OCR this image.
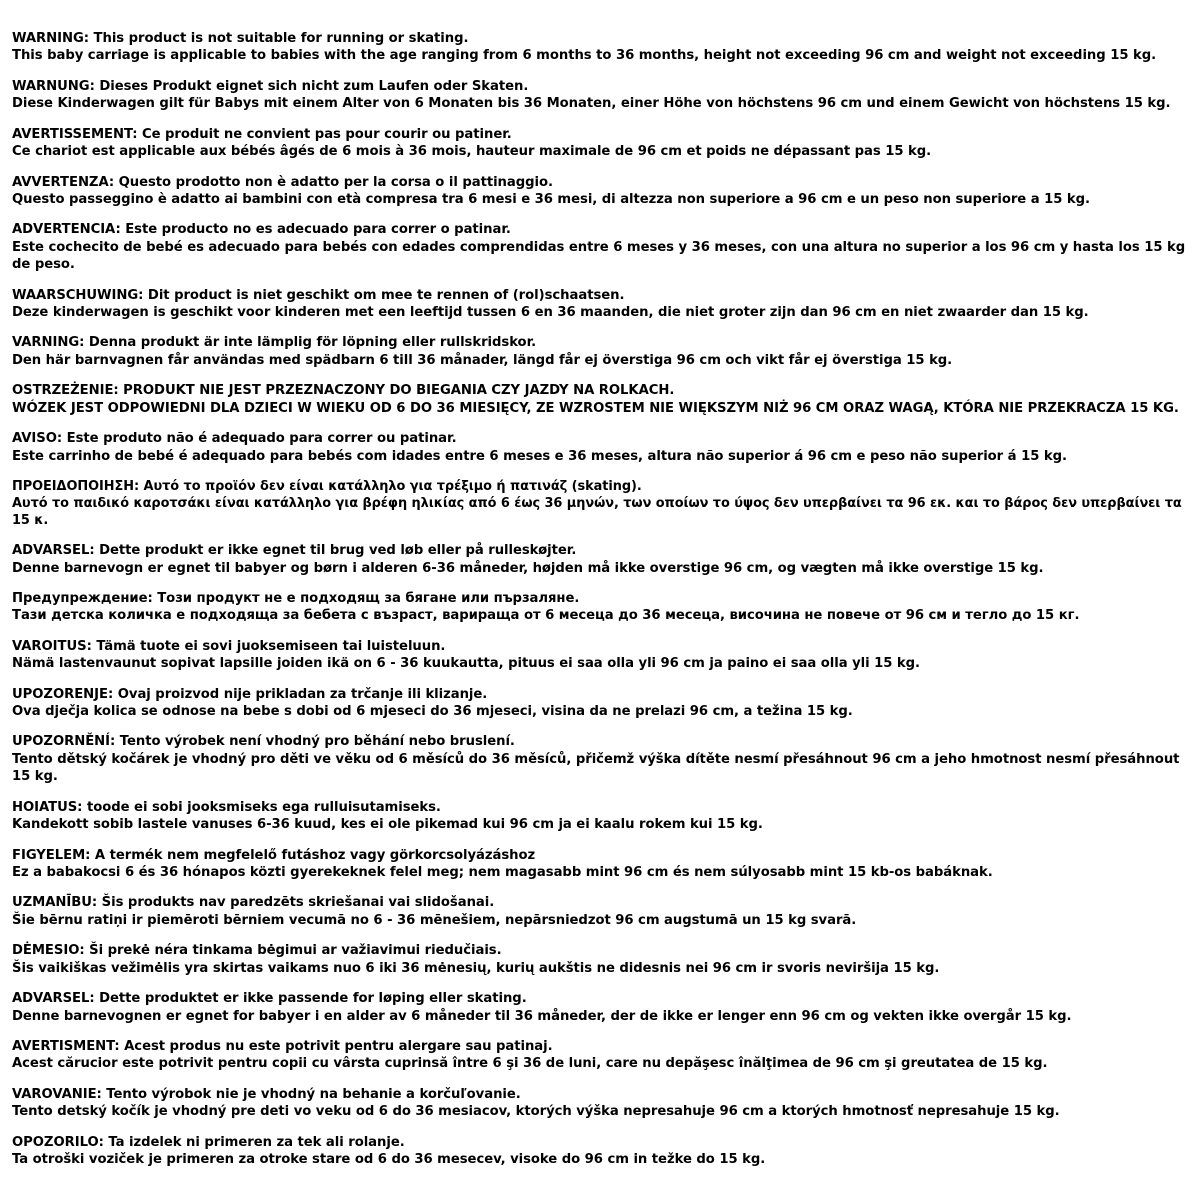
WARNING: This product is not suitable for running or skating.
This baby carriage is applicable to babies with the age ranging from 6 months to 36 months, height not exceeding 96 cm and weight not exceeding 15 kg.
WARNUNG: Dieses Produkt eignet sich nicht zum Laufen oder Skaten.
Diese Kinderwagen gilt für Babys mit einem Alter von 6 Monaten bis 36 Monaten, einer Höhe von höchstens 96 cm und einem Gewicht von höchstens 15 kg.
AVERTISSEMENT: Ce produit ne convient pas pour courir ou patiner.
Ce chariot est applicable aux bébés âgés de 6 mois à 36 mois, hauteur maximale de 96 cm et poids ne dépassant pas 15 kg.
AVVERTENZA: Questo prodotto non è adatto per la corsa o il pattinaggio.
Questo passeggino è adatto ai bambini con età compresa tra 6 mesi e 36 mesi, di altezza non superiore a 96 cm e un peso non superiore a 15 kg.
ADVERTENCIA: Este producto no es adecuado para correr o patinar.
Este cochecito de bebé es adecuado para bebés con edades comprendidas entre 6 meses y 36 meses, con una altura no superior a los 96 cm y hasta los 15 kg de peso.
WAARSCHUWING: Dit product is niet geschikt om mee te rennen of (rol)schaatsen.
Deze kinderwagen is geschikt voor kinderen met een leeftijd tussen 6 en 36 maanden, die niet groter zijn dan 96 cm en niet zwaarder dan 15 kg.
VARNING: Denna produkt är inte lämplig för löpning eller rullskridskor.
Den här barnvagnen får användas med spädbarn 6 till 36 månader, längd får ej överstiga 96 cm och vikt får ej överstiga 15 kg.
OSTRZEŻENIE: PRODUKT NIE JEST PRZEZNACZONY DO BIEGANIA CZY JAZDY NA ROLKACH.
WÓZEK JEST ODPOWIEDNI DLA DZIECI W WIEKU OD 6 DO 36 MIESIĘCY, ZE WZROSTEM NIE WIĘKSZYM NIŻ 96 CM ORAZ WAGĄ, KTÓRA NIE PRZEKRACZA 15 KG.
AVISO: Este produto não é adequado para correr ou patinar.
Este carrinho de bebé é adequado para bebés com idades entre 6 meses e 36 meses, altura não superior á 96 cm e peso não superior á 15 kg.
ΠΡΟΕΙΔΟΠΟΙΗΣΗ: Αυτό το προϊόν δεν είναι κατάλληλο για τρέξιμο ή πατινάζ (skating).
Αυτό το παιδικό καροτσάκι είναι κατάλληλο για βρέφη ηλικίας από 6 έως 36 μηνών, των οποίων το ύψος δεν υπερβαίνει τα 96 εκ. και το βάρος δεν υπερβαίνει τα 15 κ.
ADVARSEL: Dette produkt er ikke egnet til brug ved løb eller på rulleskøjter.
Denne barnevogn er egnet til babyer og børn i alderen 6-36 måneder, højden må ikke overstige 96 cm, og vægten må ikke overstige 15 kg.
Предупреждение: Този продукт не е подходящ за бягане или пързаляне.
Тази детска количка е подходяща за бебета с възраст, вариращa от 6 месеца до 36 месеца, височина не повече от 96 см и тегло до 15 кг.
VAROITUS: Tämä tuote ei sovi juoksemiseen tai luisteluun.
Nämä lastenvaunut sopivat lapsille joiden ikä on 6 - 36 kuukautta, pituus ei saa olla yli 96 cm ja paino ei saa olla yli 15 kg.
UPOZORENJE: Ovaj proizvod nije prikladan za trčanje ili klizanje.
Ova dječja kolica se odnose na bebe s dobi od 6 mjeseci do 36 mjeseci, visina da ne prelazi 96 cm, a težina 15 kg.
UPOZORNĚNÍ: Tento výrobek není vhodný pro běhání nebo bruslení.
Tento dětský kočárek je vhodný pro děti ve věku od 6 měsíců do 36 měsíců, přičemž výška dítěte nesmí přesáhnout 96 cm a jeho hmotnost nesmí přesáhnout 15 kg.
HOIATUS: toode ei sobi jooksmiseks ega rulluisutamiseks.
Kandekott sobib lastele vanuses 6-36 kuud, kes ei ole pikemad kui 96 cm ja ei kaalu rokem kui 15 kg.
FIGYELEM: A termék nem megfelelő futáshoz vagy görkorcsolyázáshoz
Ez a babakocsi 6 és 36 hónapos közti gyerekeknek felel meg; nem magasabb mint 96 cm és nem súlyosabb mint 15 kb-os babáknak.
UZMANĪBU: Šis produkts nav paredzēts skriešanai vai slidošanai.
Šie bērnu ratiņi ir piemēroti bērniem vecumā no 6 - 36 mēnešiem, nepārsniedzot 96 cm augstumā un 15 kg svarā.
DĖMESIO: Ši prekė néra tinkama bėgimui ar važiavimui riedučiais.
Šis vaikiškas vežimėlis yra skirtas vaikams nuo 6 iki 36 mėnesių, kurių aukštis ne didesnis nei 96 cm ir svoris neviršija 15 kg.
ADVARSEL: Dette produktet er ikke passende for løping eller skating.
Denne barnevognen er egnet for babyer i en alder av 6 måneder til 36 måneder, der de ikke er lenger enn 96 cm og vekten ikke overgår 15 kg.
AVERTISMENT: Acest produs nu este potrivit pentru alergare sau patinaj.
Acest cărucior este potrivit pentru copii cu vârsta cuprinsă între 6 şi 36 de luni, care nu depăşesc înălţimea de 96 cm şi greutatea de 15 kg.
VAROVANIE: Tento výrobok nie je vhodný na behanie a korčuľovanie.
Tento detský kočík je vhodný pre deti vo veku od 6 do 36 mesiacov, ktorých výška nepresahuje 96 cm a ktorých hmotnosť nepresahuje 15 kg.
OPOZORILO: Ta izdelek ni primeren za tek ali rolanje.
Ta otroški voziček je primeren za otroke stare od 6 do 36 mesecev, visoke do 96 cm in težke do 15 kg.
